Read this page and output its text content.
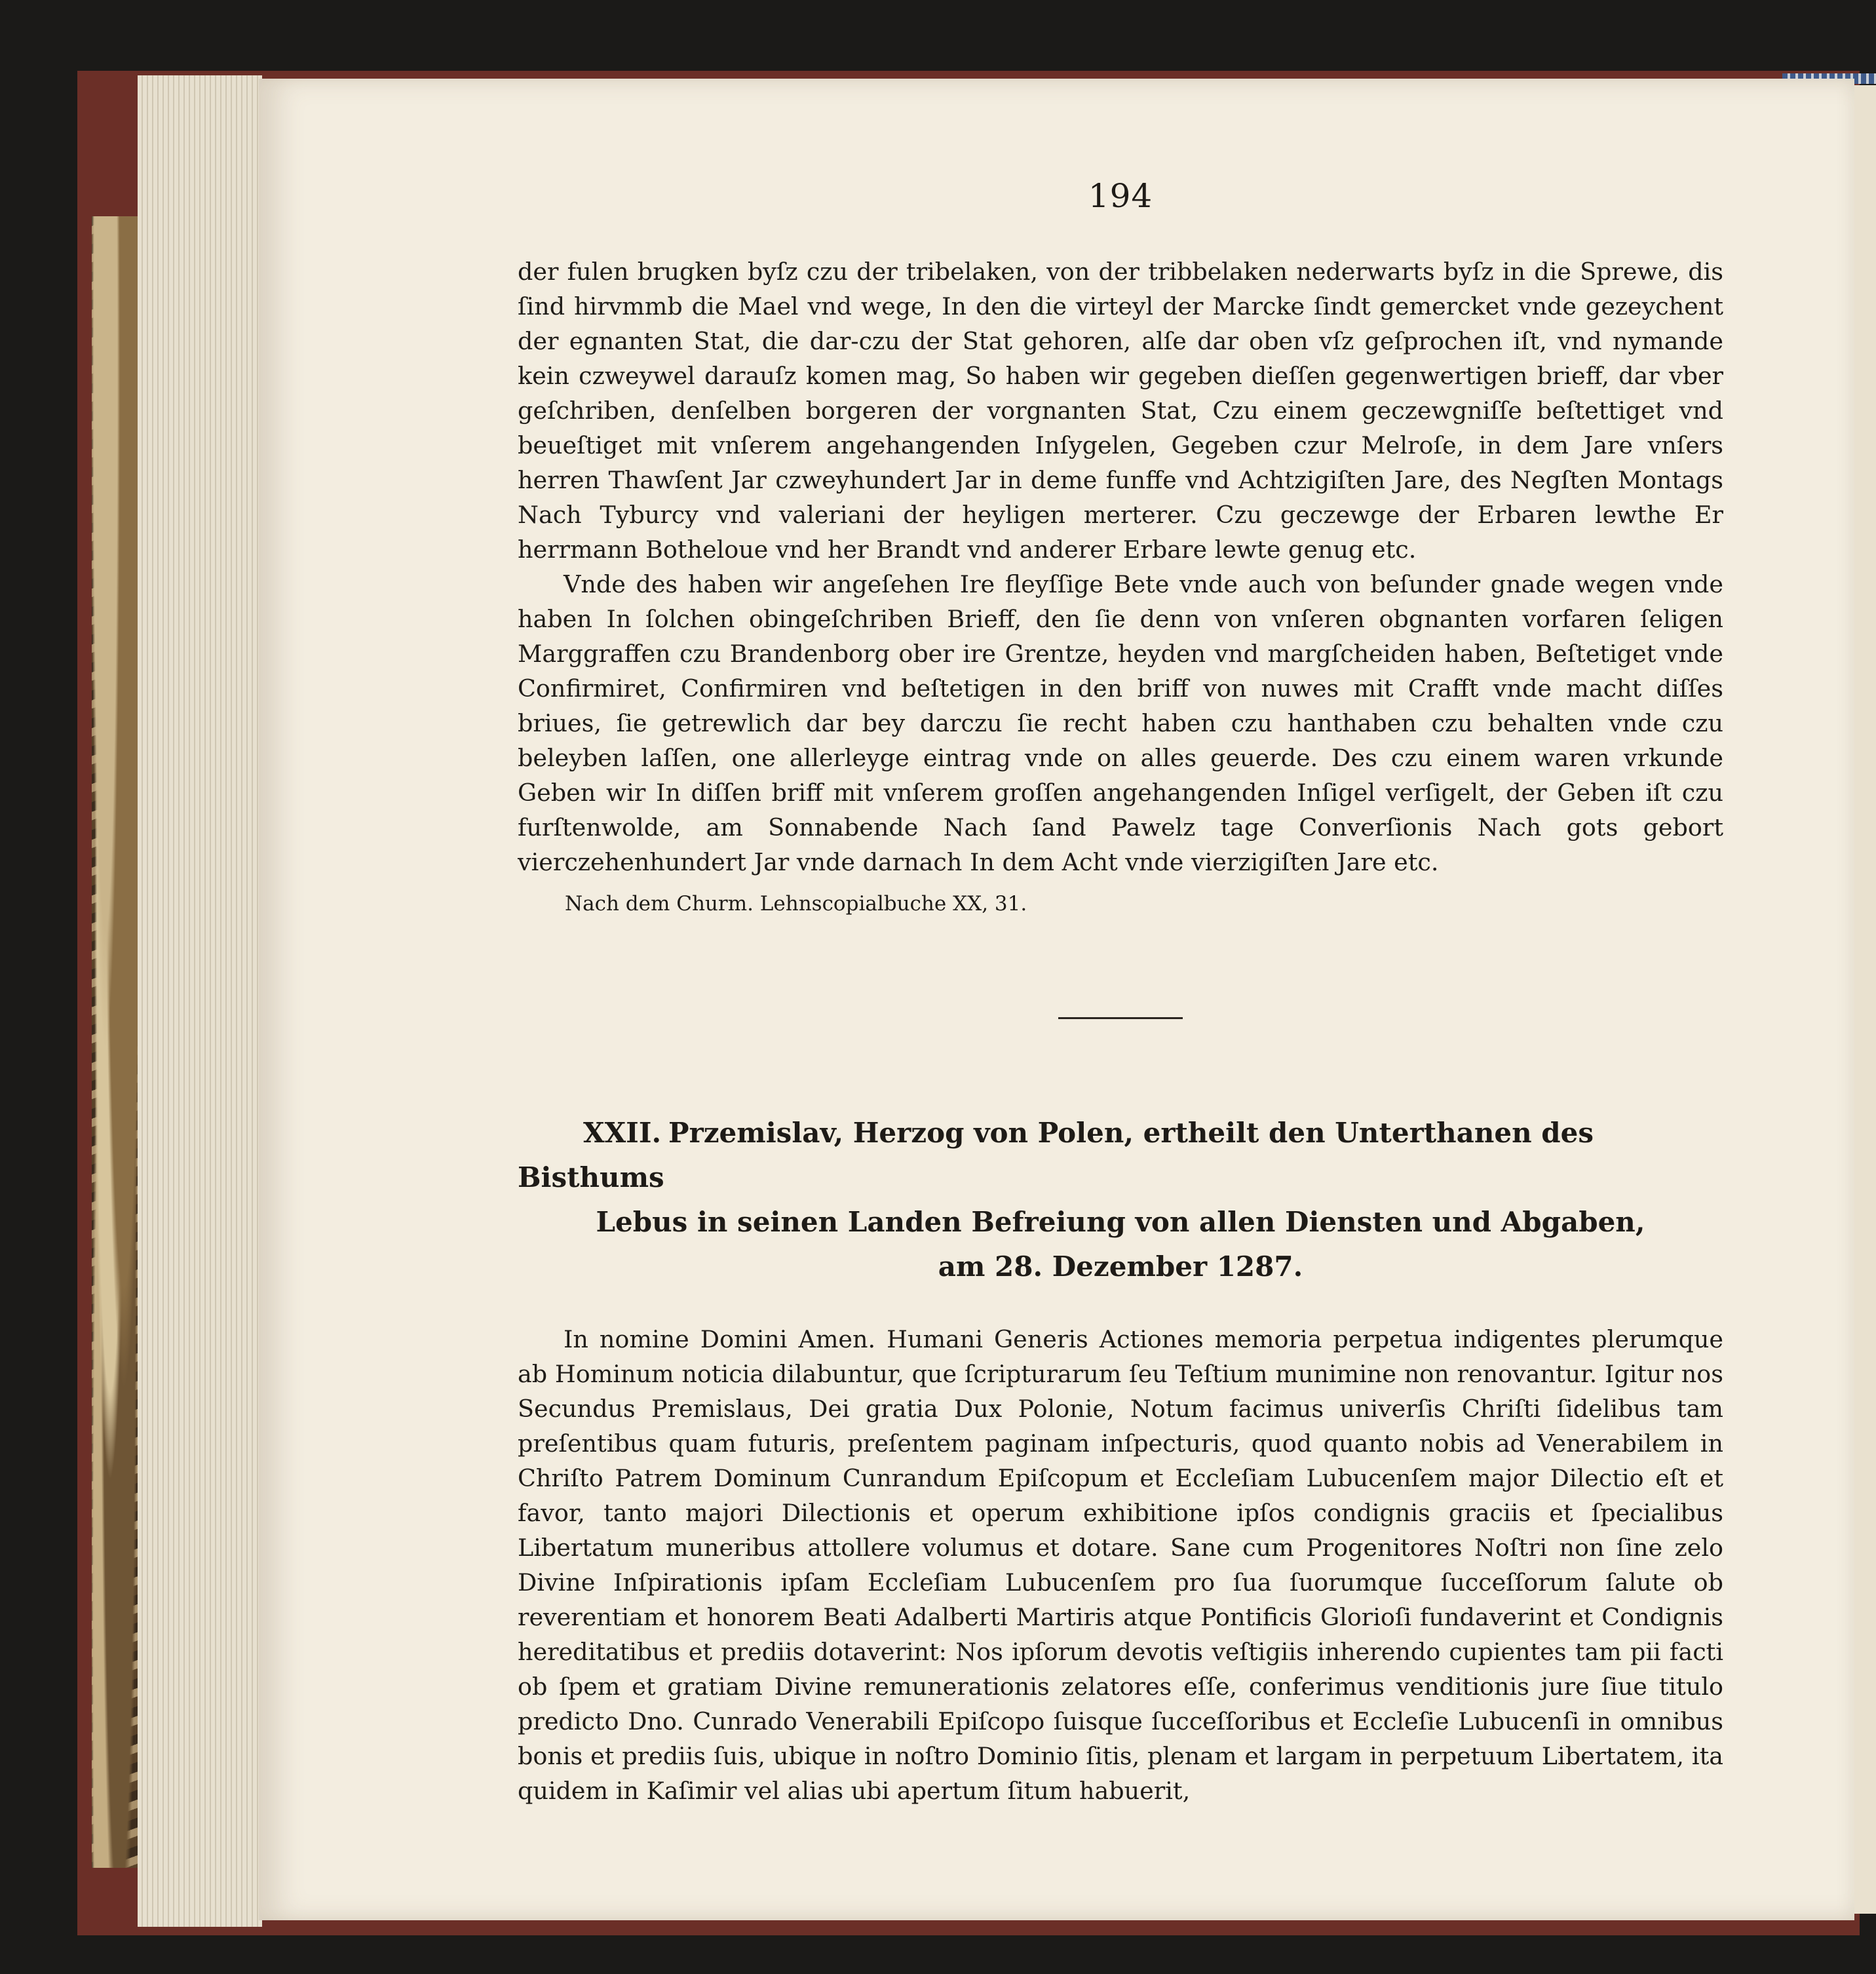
194

der fulen brugken byſz czu der tribelaken, von der tribbelaken nederwarts byſz in die Sprewe, dis ſind hirvmmb die Mael vnd wege, In den die virteyl der Marcke ſindt gemercket vnde gezeychent der egnanten Stat, die dar-czu der Stat gehoren, alſe dar oben vſz geſprochen iſt, vnd nymande kein czweywel darauſz komen mag, So haben wir gegeben dieſſen gegenwertigen brieff, dar vber geſchriben, denſelben borgeren der vorgnanten Stat, Czu einem geczewgniſſe beſtettiget vnd beueſtiget mit vnſerem angehangenden Inſygelen, Gegeben czur Melroſe, in dem Jare vnſers herren Thawſent Jar czweyhundert Jar in deme funffe vnd Achtzigiſten Jare, des Negſten Montags Nach Tyburcy vnd valeriani der heyligen merterer. Czu geczewge der Erbaren lewthe Er herrmann Botheloue vnd her Brandt vnd anderer Erbare lewte genug etc.

Vnde des haben wir angeſehen Ire fleyſſige Bete vnde auch von beſunder gnade wegen vnde haben In ſolchen obingeſchriben Brieff, den ſie denn von vnſeren obgnanten vorfaren ſeligen Marggraffen czu Brandenborg ober ire Grentze, heyden vnd margſcheiden haben, Beſtetiget vnde Confirmiret, Confirmiren vnd beſtetigen in den briff von nuwes mit Crafft vnde macht diſſes briues, ſie getrewlich dar bey darczu ſie recht haben czu hanthaben czu behalten vnde czu beleyben laſſen, one allerleyge eintrag vnde on alles geuerde. Des czu einem waren vrkunde Geben wir In diſſen briff mit vnſerem groſſen angehangenden Inſigel verſigelt, der Geben iſt czu furſtenwolde, am Sonnabende Nach ſand Pawelz tage Converſionis Nach gots gebort vierczehenhundert Jar vnde darnach In dem Acht vnde vierzigiſten Jare etc.

Nach dem Churm. Lehnscopialbuche XX, 31.
XXII. Przemislav, Herzog von Polen, ertheilt den Unterthanen des Bisthums
Lebus in seinen Landen Befreiung von allen Diensten und Abgaben,
am 28. Dezember 1287.

In nomine Domini Amen. Humani Generis Actiones memoria perpetua indigentes plerumque ab Hominum noticia dilabuntur, que ſcripturarum ſeu Teſtium munimine non renovantur. Igitur nos Secundus Premislaus, Dei gratia Dux Polonie, Notum facimus univerſis Chriſti ſidelibus tam preſentibus quam futuris, preſentem paginam inſpecturis, quod quanto nobis ad Venerabilem in Chriſto Patrem Dominum Cunrandum Epiſcopum et Eccleſiam Lubucenſem major Dilectio eſt et favor, tanto majori Dilectionis et operum exhibitione ipſos condignis graciis et ſpecialibus Libertatum muneribus attollere volumus et dotare. Sane cum Progenitores Noſtri non ſine zelo Divine Inſpirationis ipſam Eccleſiam Lubucenſem pro ſua ſuorumque ſucceſſorum ſalute ob reverentiam et honorem Beati Adalberti Martiris atque Pontificis Glorioſi fundaverint et Condignis hereditatibus et prediis dotaverint: Nos ipſorum devotis veſtigiis inherendo cupientes tam pii facti ob ſpem et gratiam Divine remunerationis zelatores eſſe, conferimus venditionis jure ſiue titulo predicto Dno. Cunrado Venerabili Epiſcopo ſuisque ſucceſſoribus et Eccleſie Lubucenſi in omnibus bonis et prediis ſuis, ubique in noſtro Dominio ſitis, plenam et largam in perpetuum Libertatem, ita quidem in Kaſimir vel alias ubi apertum ſitum habuerit,
